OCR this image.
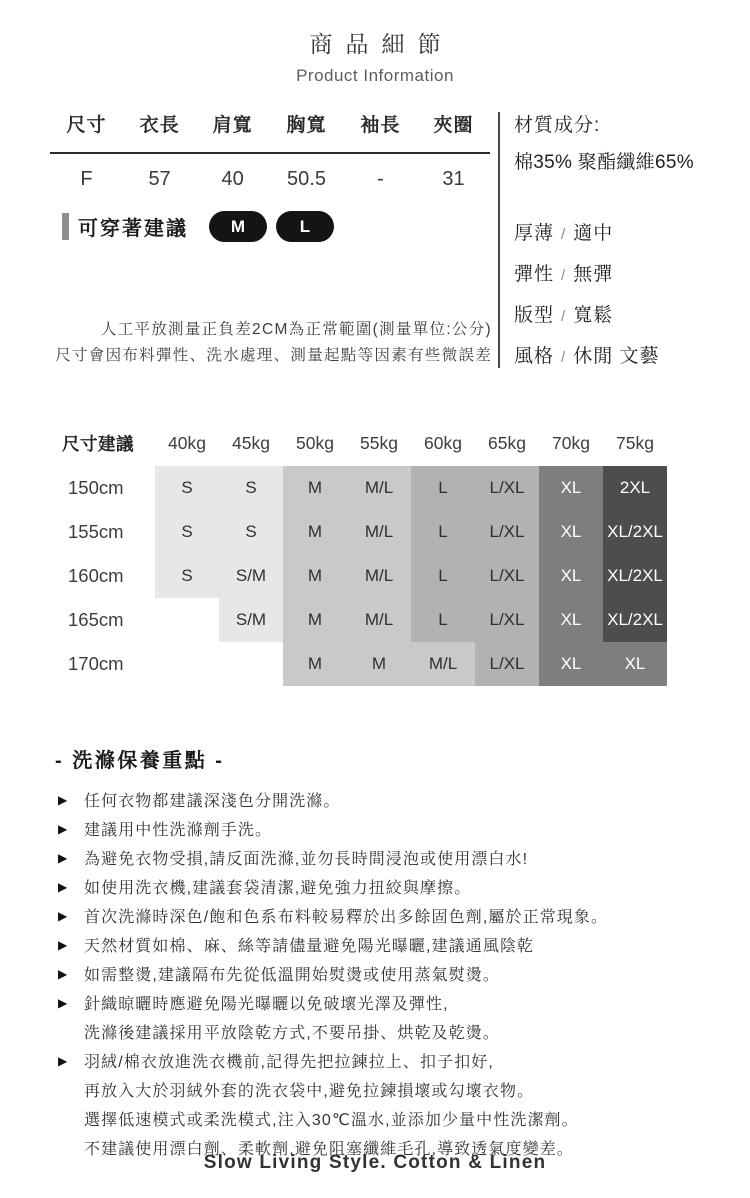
商品細節
Product Information
尺寸	衣長	肩寬	胸寬	袖長	夾圈
F	57	40	50.5	-	31
材質成分:
棉35% 聚酯纖維65%
厚薄 / 適中
彈性 / 無彈
版型 / 寬鬆
風格 / 休閒 文藝
可穿著建議	M	L
人工平放測量正負差2CM為正常範圍(測量單位:公分)
尺寸會因布料彈性、洗水處理、測量起點等因素有些微誤差
尺寸建議	40kg	45kg	50kg	55kg	60kg	65kg	70kg	75kg
150cm	S	S	M	M/L	L	L/XL	XL	2XL
155cm	S	S	M	M/L	L	L/XL	XL	XL/2XL
160cm	S	S/M	M	M/L	L	L/XL	XL	XL/2XL
165cm		S/M	M	M/L	L	L/XL	XL	XL/2XL
170cm			M	M	M/L	L/XL	XL	XL
- 洗滌保養重點 -
▶ 任何衣物都建議深淺色分開洗滌。
▶ 建議用中性洗滌劑手洗。
▶ 為避免衣物受損,請反面洗滌,並勿長時間浸泡或使用漂白水!
▶ 如使用洗衣機,建議套袋清潔,避免強力扭絞與摩擦。
▶ 首次洗滌時深色/飽和色系布料較易釋於出多餘固色劑,屬於正常現象。
▶ 天然材質如棉、麻、絲等請儘量避免陽光曝曬,建議通風陰乾
▶ 如需整燙,建議隔布先從低溫開始熨燙或使用蒸氣熨燙。
▶ 針織晾曬時應避免陽光曝曬以免破壞光澤及彈性,
洗滌後建議採用平放陰乾方式,不要吊掛、烘乾及乾燙。
▶ 羽絨/棉衣放進洗衣機前,記得先把拉鍊拉上、扣子扣好,
再放入大於羽絨外套的洗衣袋中,避免拉鍊損壞或勾壞衣物。
選擇低速模式或柔洗模式,注入30℃溫水,並添加少量中性洗潔劑。
不建議使用漂白劑、柔軟劑,避免阻塞纖維毛孔,導致透氣度變差。
Slow Living Style. Cotton & Linen
